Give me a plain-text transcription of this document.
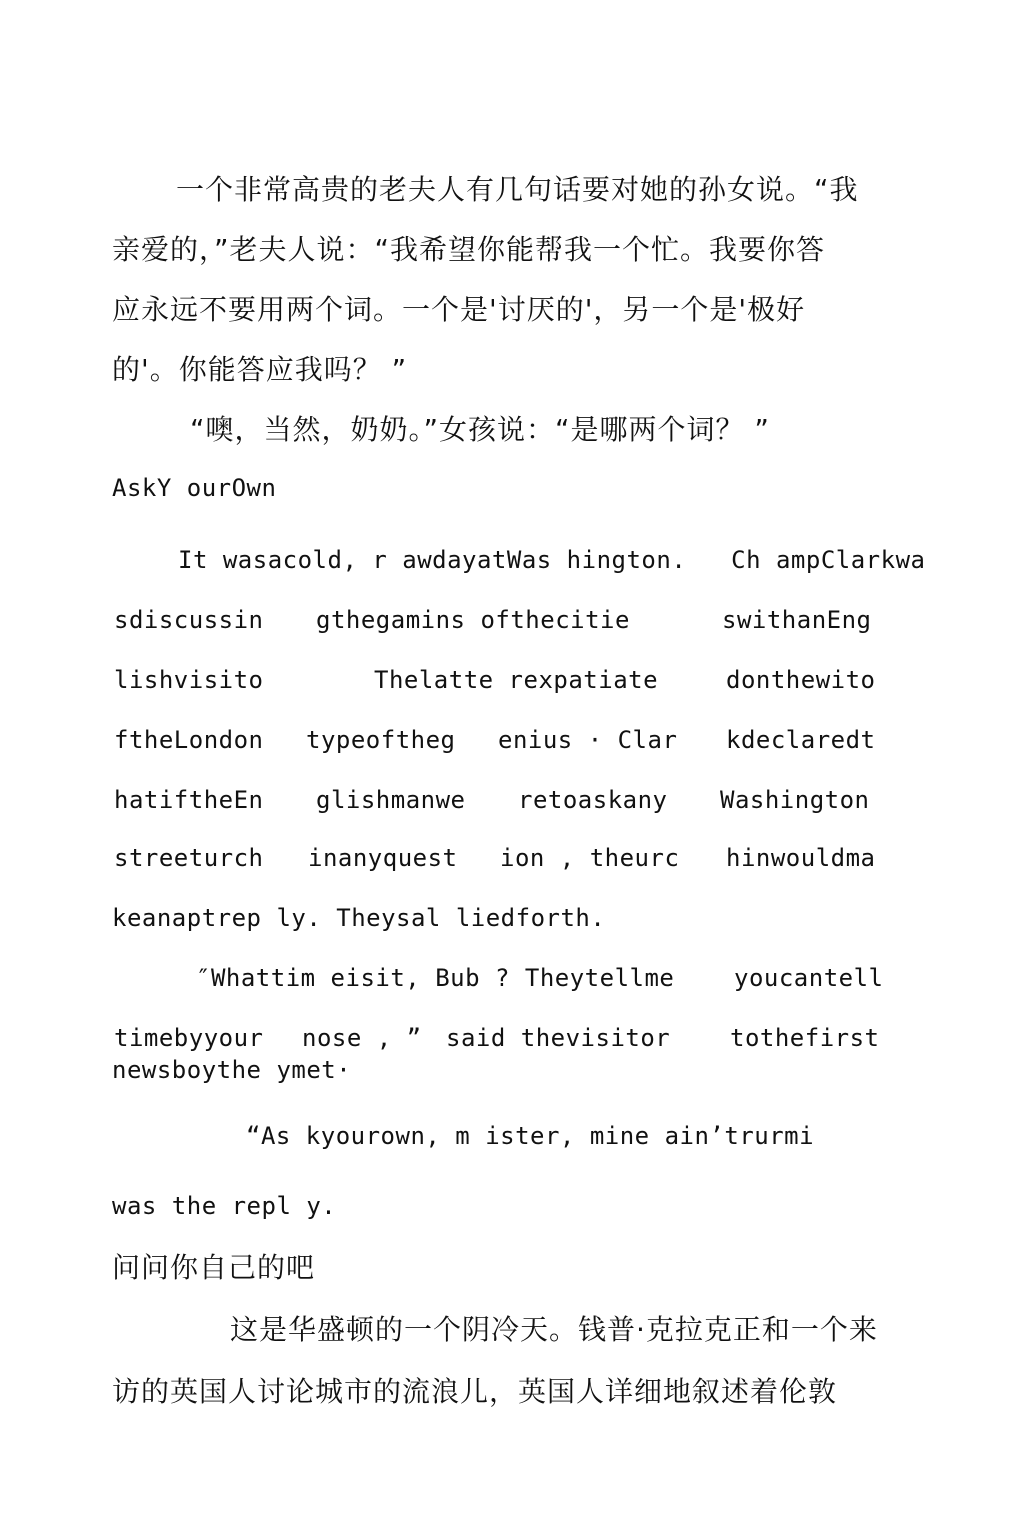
一个非常高贵的老夫人有几句话要对她的孙女说。“我
亲爱的，”老夫人说：“我希望你能帮我一个忙。我要你答
应永远不要用两个词。一个是'讨厌的'，另一个是'极好
的'。你能答应我吗？ ”
“噢，当然，奶奶。”女孩说：“是哪两个词？ ”
AskY ourOwn
It wasacold, r awdayatWas hington.   Ch ampClarkwa
sdiscussin gthegamins ofthecitie	swithanEng
lishvisito	Thelatte rexpatiate	donthewito
ftheLondon typeoftheg enius · Clar kdeclaredt
hatiftheEn glishmanwe retoaskany Washington
streeturch inanyquest ion , theurc hinwouldma
keanaptrep ly. Theysal liedforth.
″Whattim eisit, Bub ? Theytellme youcantell
timebyyour nose , ” said thevisitor tothefirst
newsboythe ymet·
“As kyourown, m ister, mine ain’trurmi
was the repl y.
问问你自己的吧
这是华盛顿的一个阴冷天。钱普·克拉克正和一个来
访的英国人讨论城市的流浪儿，英国人详细地叙述着伦敦
